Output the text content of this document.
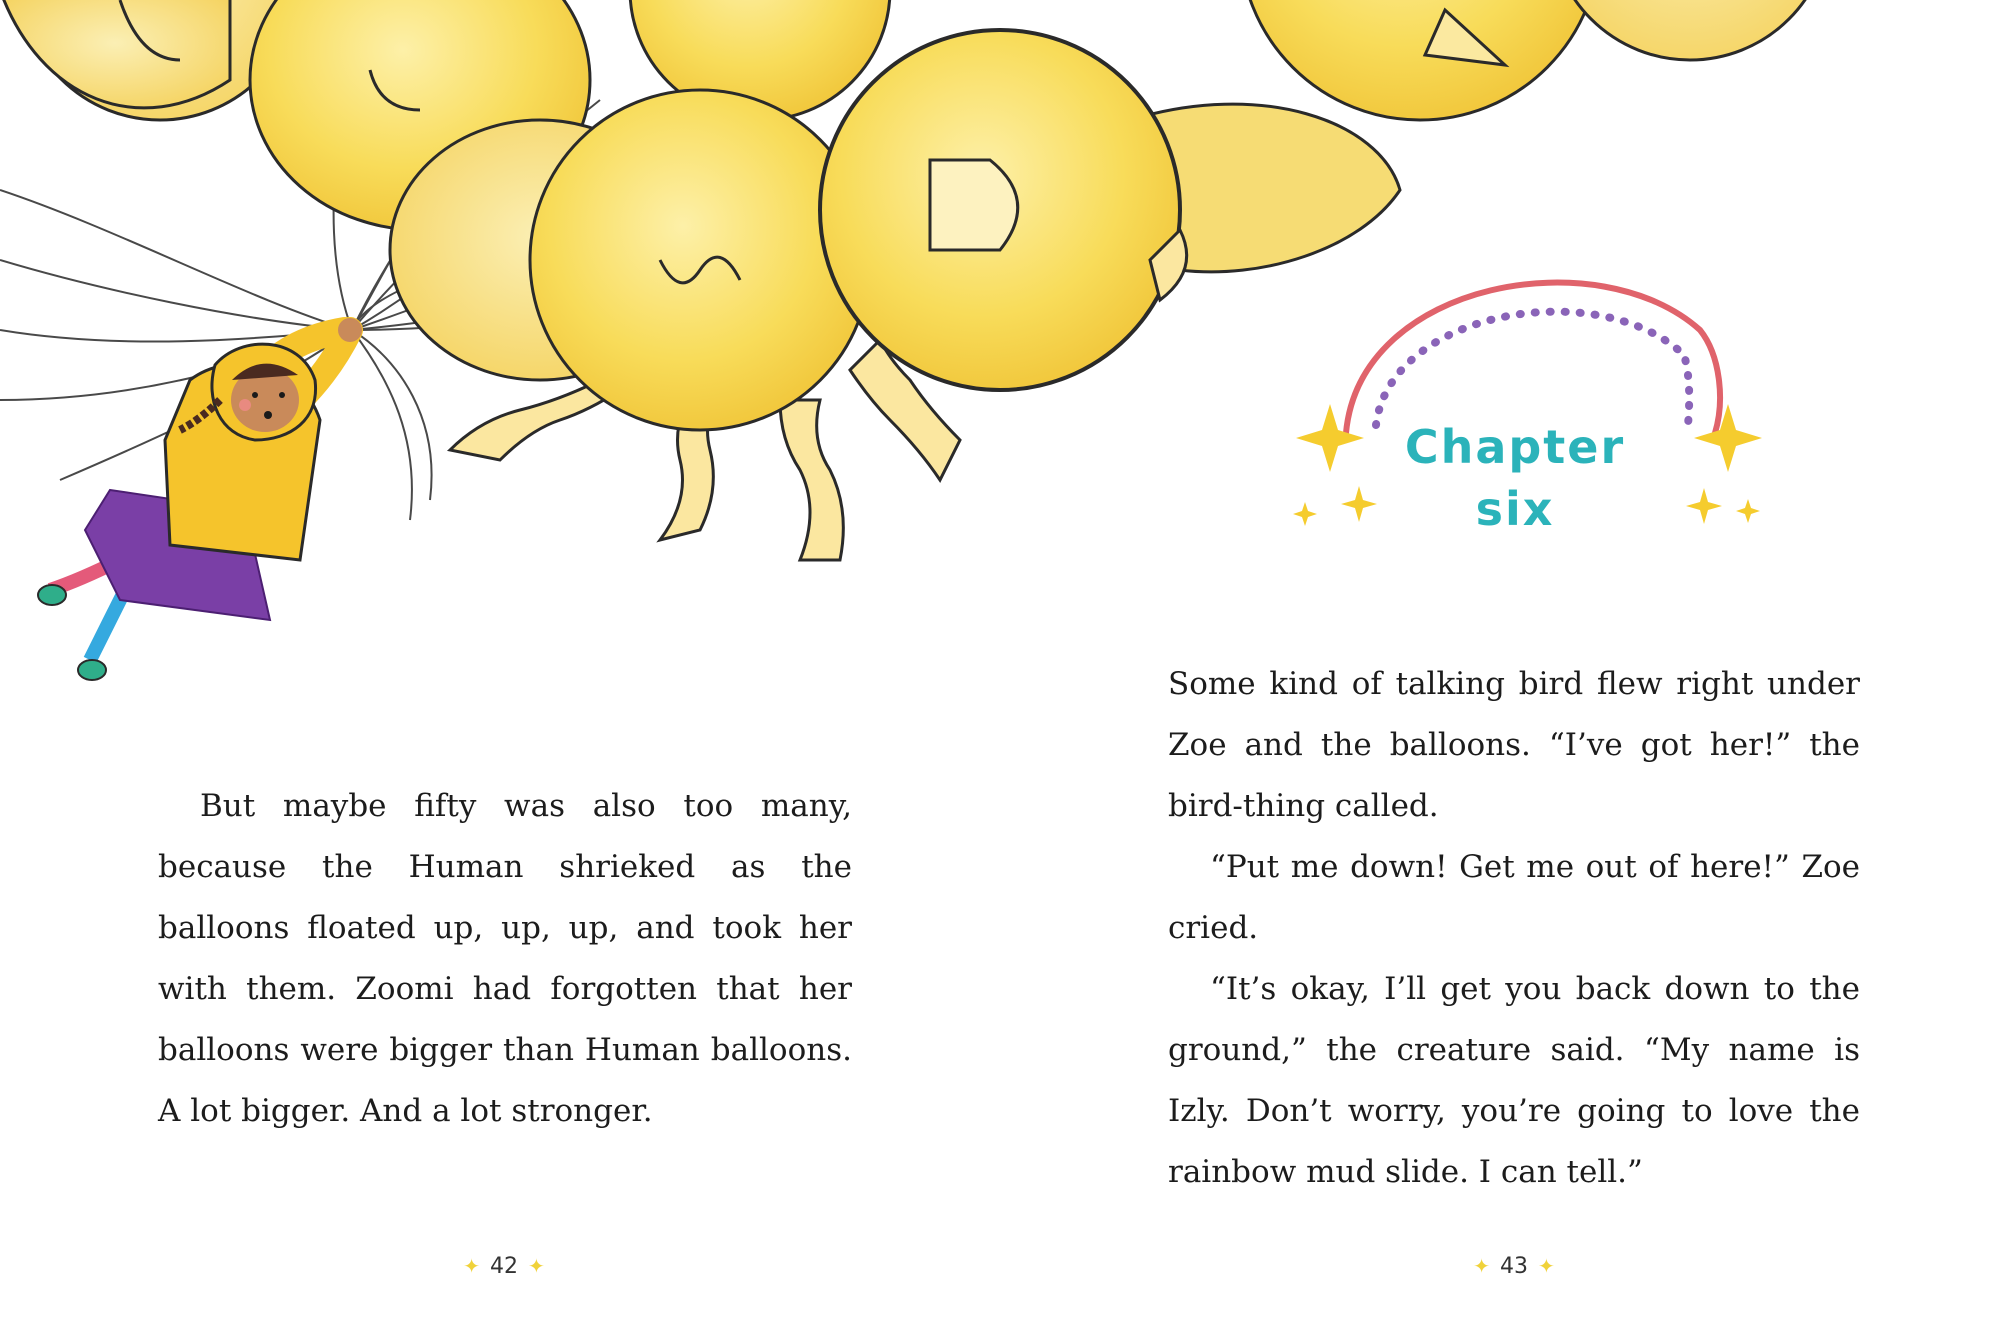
Chapter
six

But maybe fifty was also too many, because the Human shrieked as the balloons floated up, up, up, and took her with them. Zoomi had forgotten that her balloons were bigger than Human balloons. A lot bigger. And a lot stronger.

Some kind of talking bird flew right under Zoe and the balloons. “I’ve got her!” the bird-thing called.

“Put me down! Get me out of here!” Zoe cried.

“It’s okay, I’ll get you back down to the ground,” the creature said. “My name is Izly. Don’t worry, you’re going to love the rainbow mud slide. I can tell.”

✦ 42 ✦	✦ 43 ✦
